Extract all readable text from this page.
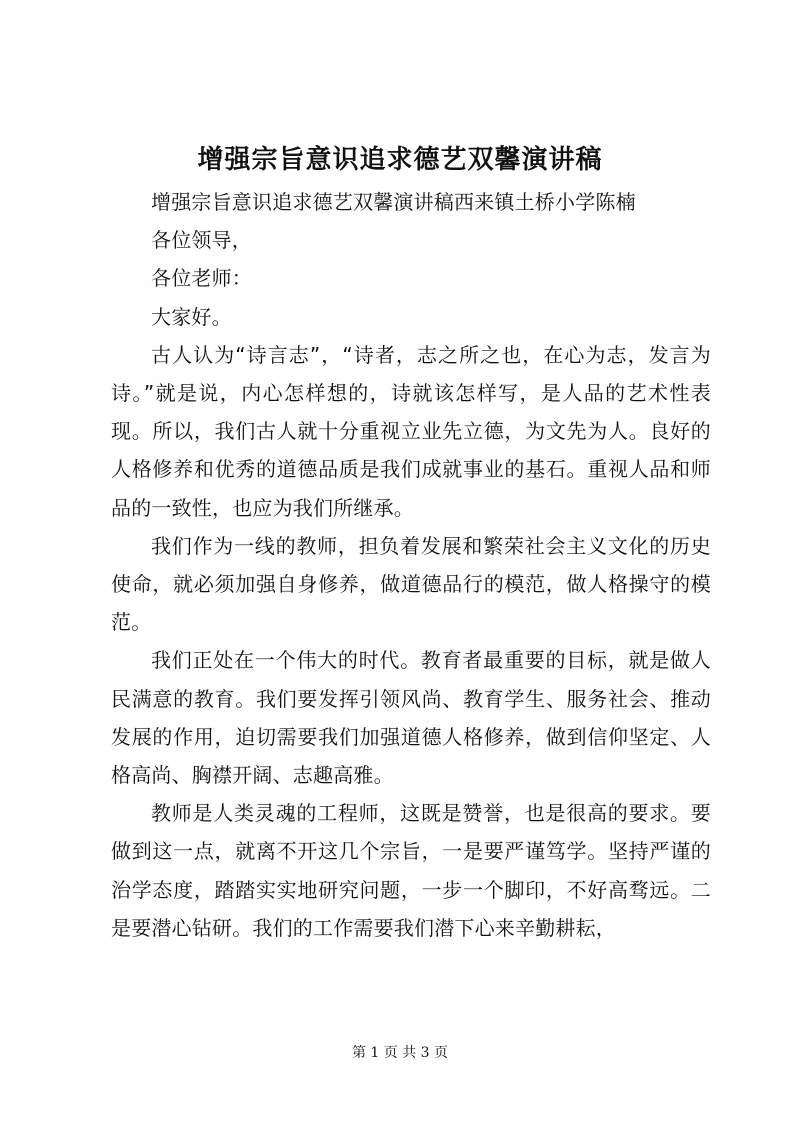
增强宗旨意识追求德艺双馨演讲稿

增强宗旨意识追求德艺双馨演讲稿西来镇土桥小学陈楠

各位领导，

各位老师：

大家好。

古人认为“诗言志”，“诗者，志之所之也，在心为志，发言为诗。”就是说，内心怎样想的，诗就该怎样写，是人品的艺术性表现。所以，我们古人就十分重视立业先立德，为文先为人。良好的人格修养和优秀的道德品质是我们成就事业的基石。重视人品和师品的一致性，也应为我们所继承。

我们作为一线的教师，担负着发展和繁荣社会主义文化的历史使命，就必须加强自身修养，做道德品行的模范，做人格操守的模范。

我们正处在一个伟大的时代。教育者最重要的目标，就是做人民满意的教育。我们要发挥引领风尚、教育学生、服务社会、推动发展的作用，迫切需要我们加强道德人格修养，做到信仰坚定、人格高尚、胸襟开阔、志趣高雅。

教师是人类灵魂的工程师，这既是赞誉，也是很高的要求。要做到这一点，就离不开这几个宗旨，一是要严谨笃学。坚持严谨的治学态度，踏踏实实地研究问题，一步一个脚印，不好高骛远。二是要潜心钻研。我们的工作需要我们潜下心来辛勤耕耘，

第 1 页 共 3 页
